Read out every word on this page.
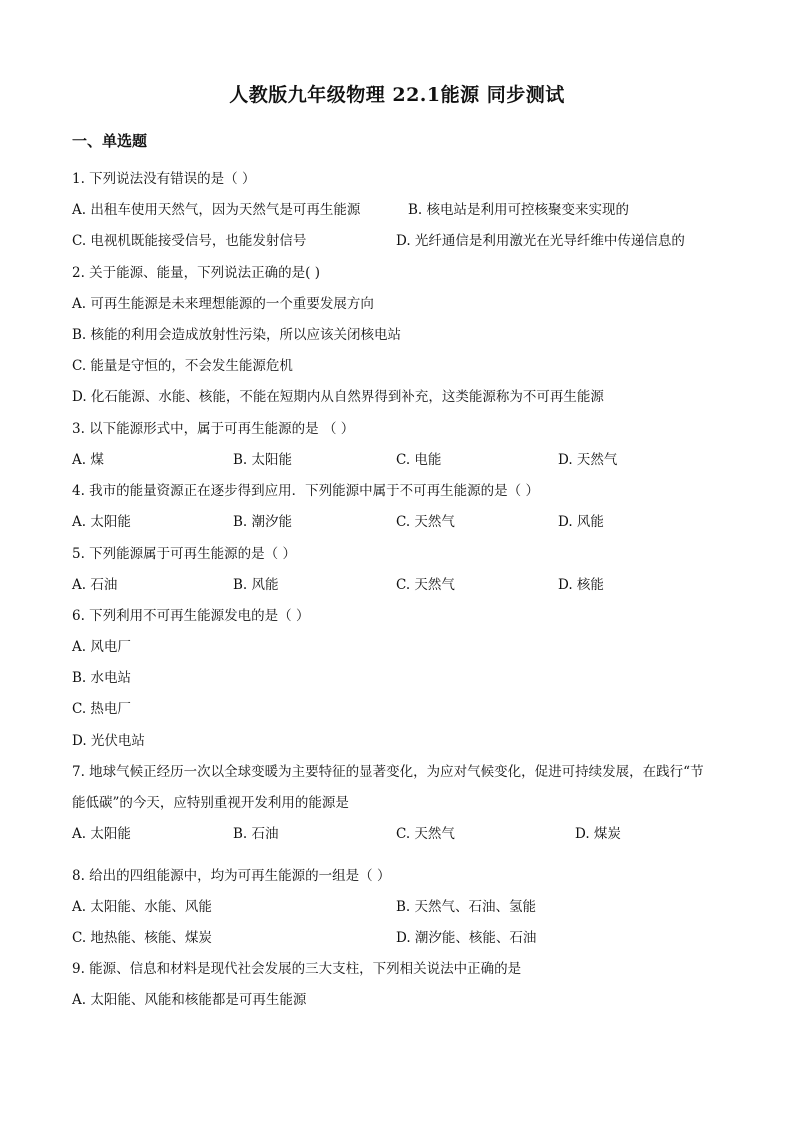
人教版九年级物理 22.1能源 同步测试
一、单选题
1. 下列说法没有错误的是（ ）
A. 出租车使用天然气，因为天然气是可再生能源	B. 核电站是利用可控核聚变来实现的
C. 电视机既能接受信号，也能发射信号	D. 光纤通信是利用激光在光导纤维中传递信息的
2. 关于能源、能量，下列说法正确的是( )
A. 可再生能源是未来理想能源的一个重要发展方向
B. 核能的利用会造成放射性污染，所以应该关闭核电站
C. 能量是守恒的，不会发生能源危机
D. 化石能源、水能、核能，不能在短期内从自然界得到补充，这类能源称为不可再生能源
3. 以下能源形式中，属于可再生能源的是 （ ）
A. 煤	B. 太阳能	C. 电能	D. 天然气
4. 我市的能量资源正在逐步得到应用．下列能源中属于不可再生能源的是（ ）
A. 太阳能	B. 潮汐能	C. 天然气	D. 风能
5. 下列能源属于可再生能源的是（ ）
A. 石油	B. 风能	C. 天然气	D. 核能
6. 下列利用不可再生能源发电的是（ ）
A. 风电厂
B. 水电站
C. 热电厂
D. 光伏电站
7. 地球气候正经历一次以全球变暖为主要特征的显著变化，为应对气候变化，促进可持续发展，在践行“节
能低碳”的今天，应特别重视开发利用的能源是
A. 太阳能	B. 石油	C. 天然气	D. 煤炭
8. 给出的四组能源中，均为可再生能源的一组是（ ）
A. 太阳能、水能、风能	B. 天然气、石油、氢能
C. 地热能、核能、煤炭	D. 潮汐能、核能、石油
9. 能源、信息和材料是现代社会发展的三大支柱，下列相关说法中正确的是
A. 太阳能、风能和核能都是可再生能源
